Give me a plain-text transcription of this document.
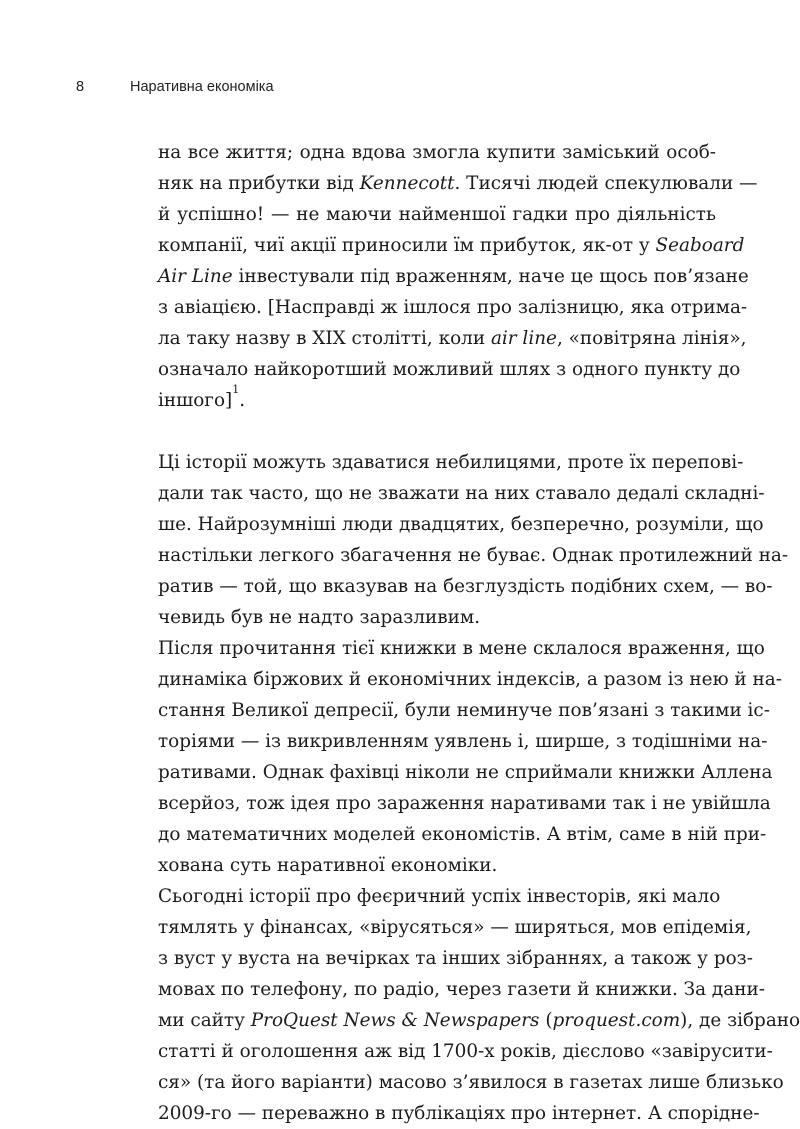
8	Наративна економіка
на все життя; одна вдова змогла купити заміський особ-
няк на прибутки від Kennecott. Тисячі людей спекулювали —
й успішно! — не маючи найменшої гадки про діяльність
компанії, чиї акції приносили їм прибуток, як-от у Seaboard
Air Line інвестували під враженням, наче це щось пов’язане
з авіацією. [Насправді ж ішлося про залізницю, яка отрима-
ла таку назву в XIX столітті, коли air line, «повітряна лінія»,
означало найкоротший можливий шлях з одного пункту до
іншого]$^1$.
Ці історії можуть здаватися небилицями, проте їх перепові-
дали так часто, що не зважати на них ставало дедалі складні-
ше. Найрозумніші люди двадцятих, безперечно, розуміли, що
настільки легкого збагачення не буває. Однак протилежний на-
ратив — той, що вказував на безглуздість подібних схем, — во-
чевидь був не надто заразливим.
Після прочитання тієї книжки в мене склалося враження, що
динаміка біржових й економічних індексів, а разом із нею й на-
стання Великої депресії, були неминуче пов’язані з такими іс-
торіями — із викривленням уявлень і, ширше, з тодішніми на-
ративами. Однак фахівці ніколи не сприймали книжки Аллена
всерйоз, тож ідея про зараження наративами так і не увійшла
до математичних моделей економістів. А втім, саме в ній при-
хована суть наративної економіки.
Сьогодні історії про феєричний успіх інвесторів, які мало
тямлять у фінансах, «вірусяться» — ширяться, мов епідемія,
з вуст у вуста на вечірках та інших зібраннях, а також у роз-
мовах по телефону, по радіо, через газети й книжки. За дани-
ми сайту ProQuest News & Newspapers (proquest.com), де зібрано
статті й оголошення аж від 1700-х років, дієслово «завірусити-
ся» (та його варіанти) масово з’явилося в газетах лише близько
2009-го — переважно в публікаціях про інтернет. А споріднe-
